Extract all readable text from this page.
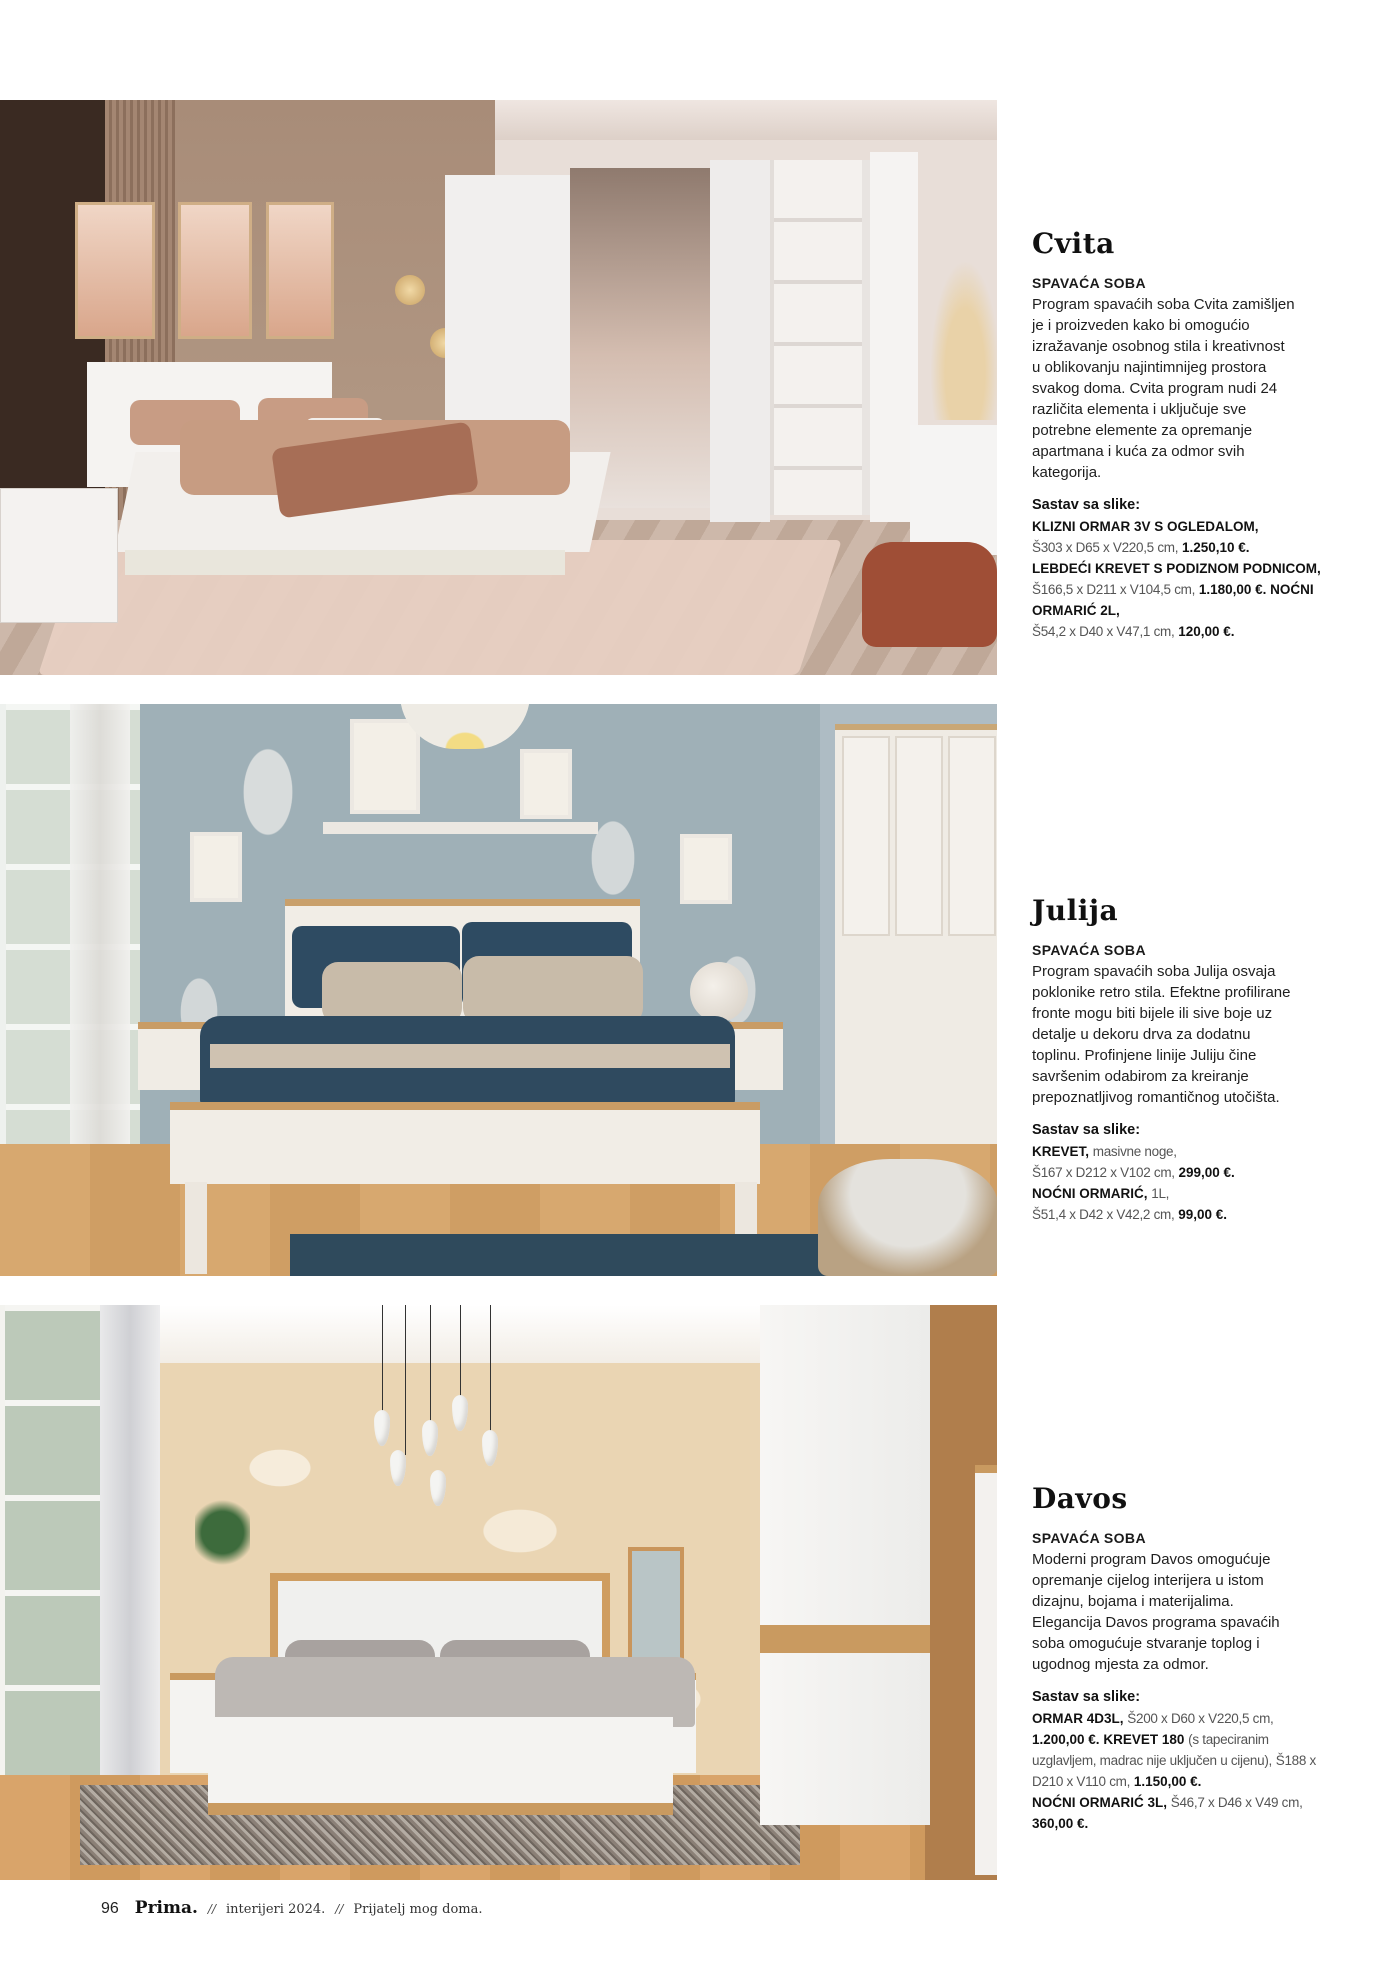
Cvita
SPAVAĆA SOBA
Program spavaćih soba Cvita zamišljen je i proizveden kako bi omogućio izražavanje osobnog stila i kreativnost u oblikovanju najintimnijeg prostora svakog doma. Cvita program nudi 24 različita elementa i uključuje sve potrebne elemente za opremanje apartmana i kuća za odmor svih kategorija.
Sastav sa slike:
KLIZNI ORMAR 3V S OGLEDALOM,
Š303 x D65 x V220,5 cm, 1.250,10 €.
LEBDEĆI KREVET S PODIZNOM PODNICOM, Š166,5 x D211 x V104,5 cm, 1.180,00 €. NOĆNI ORMARIĆ 2L,
Š54,2 x D40 x V47,1 cm, 120,00 €.
Julija
SPAVAĆA SOBA
Program spavaćih soba Julija osvaja poklonike retro stila. Efektne profilirane fronte mogu biti bijele ili sive boje uz detalje u dekoru drva za dodatnu toplinu. Profinjene linije Juliju čine savršenim odabirom za kreiranje prepoznatljivog romantičnog utočišta.
Sastav sa slike:
KREVET, masivne noge,
Š167 x D212 x V102 cm, 299,00 €.
NOĆNI ORMARIĆ, 1L,
Š51,4 x D42 x V42,2 cm, 99,00 €.
Davos
SPAVAĆA SOBA
Moderni program Davos omogućuje opremanje cijelog interijera u istom dizajnu, bojama i materijalima. Elegancija Davos programa spavaćih soba omogućuje stvaranje toplog i ugodnog mjesta za odmor.
Sastav sa slike:
ORMAR 4D3L, Š200 x D60 x V220,5 cm,
1.200,00 €. KREVET 180 (s tapeciranim uzglavljem, madrac nije uključen u cijenu), Š188 x D210 x V110 cm, 1.150,00 €.
NOĆNI ORMARIĆ 3L, Š46,7 x D46 x V49 cm,
360,00 €.
96 Prima. // interijeri 2024. // Prijatelj mog doma.
